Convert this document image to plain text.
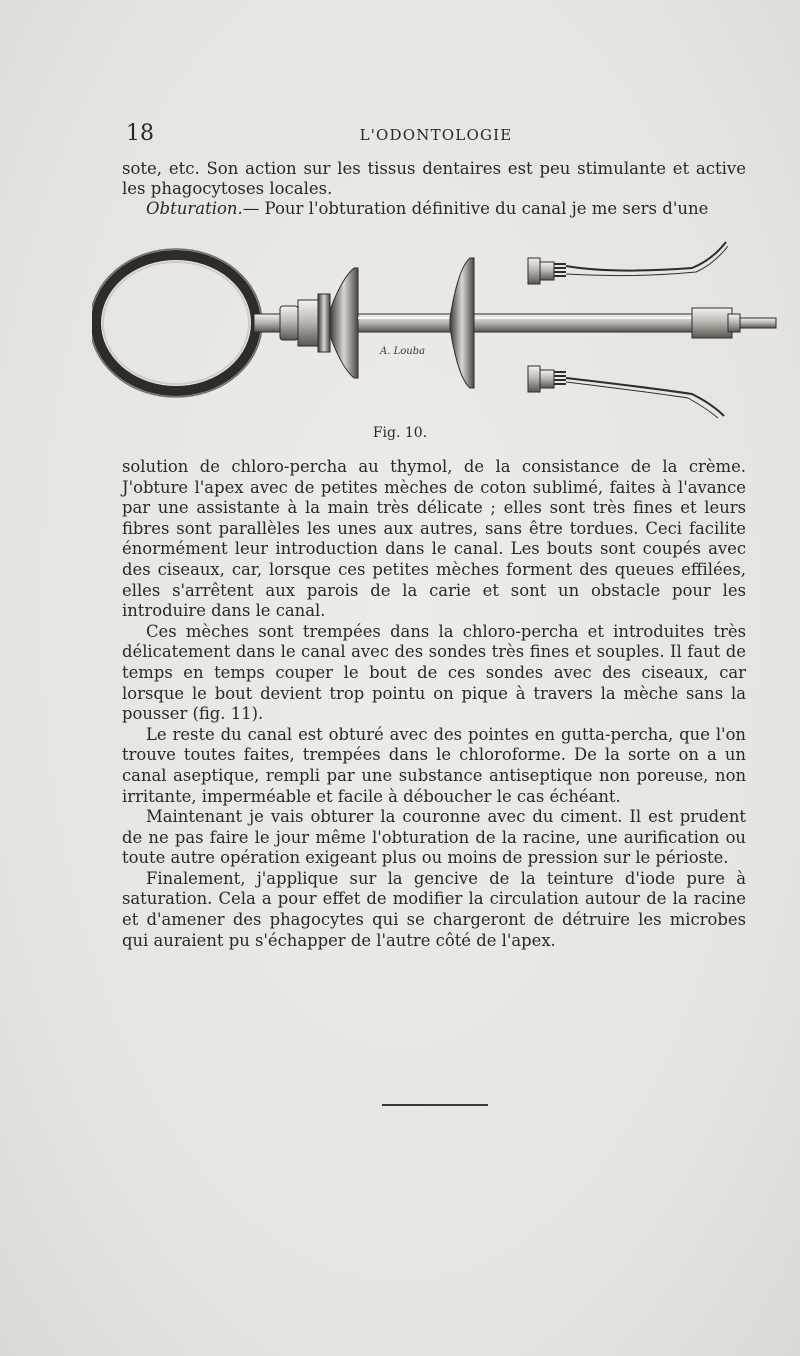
18	L'ODONTOLOGIE

sote, etc. Son action sur les tissus dentaires est peu stimulante et active les phagocytoses locales.

Obturation.— Pour l'obturation définitive du canal je me sers d'une

A. Louba
Fig. 10.

solution de chloro-percha au thymol, de la consistance de la crème. J'obture l'apex avec de petites mèches de coton sublimé, faites à l'avance par une assistante à la main très délicate ; elles sont très fines et leurs fibres sont parallèles les unes aux autres, sans être tordues. Ceci facilite énormément leur introduction dans le canal. Les bouts sont coupés avec des ciseaux, car, lorsque ces petites mèches forment des queues effilées, elles s'arrêtent aux parois de la carie et sont un obstacle pour les introduire dans le canal.

Ces mèches sont trempées dans la chloro-percha et introduites très délicatement dans le canal avec des sondes très fines et souples. Il faut de temps en temps couper le bout de ces sondes avec des ciseaux, car lorsque le bout devient trop pointu on pique à travers la mèche sans la pousser (fig. 11).

Le reste du canal est obturé avec des pointes en gutta-percha, que l'on trouve toutes faites, trempées dans le chloroforme. De la sorte on a un canal aseptique, rempli par une substance antiseptique non poreuse, non irritante, imperméable et facile à déboucher le cas échéant.

Maintenant je vais obturer la couronne avec du ciment. Il est prudent de ne pas faire le jour même l'obturation de la racine, une aurification ou toute autre opération exigeant plus ou moins de pression sur le périoste.

Finalement, j'applique sur la gencive de la teinture d'iode pure à saturation. Cela a pour effet de modifier la circulation autour de la racine et d'amener des phagocytes qui se chargeront de détruire les microbes qui auraient pu s'échapper de l'autre côté de l'apex.
